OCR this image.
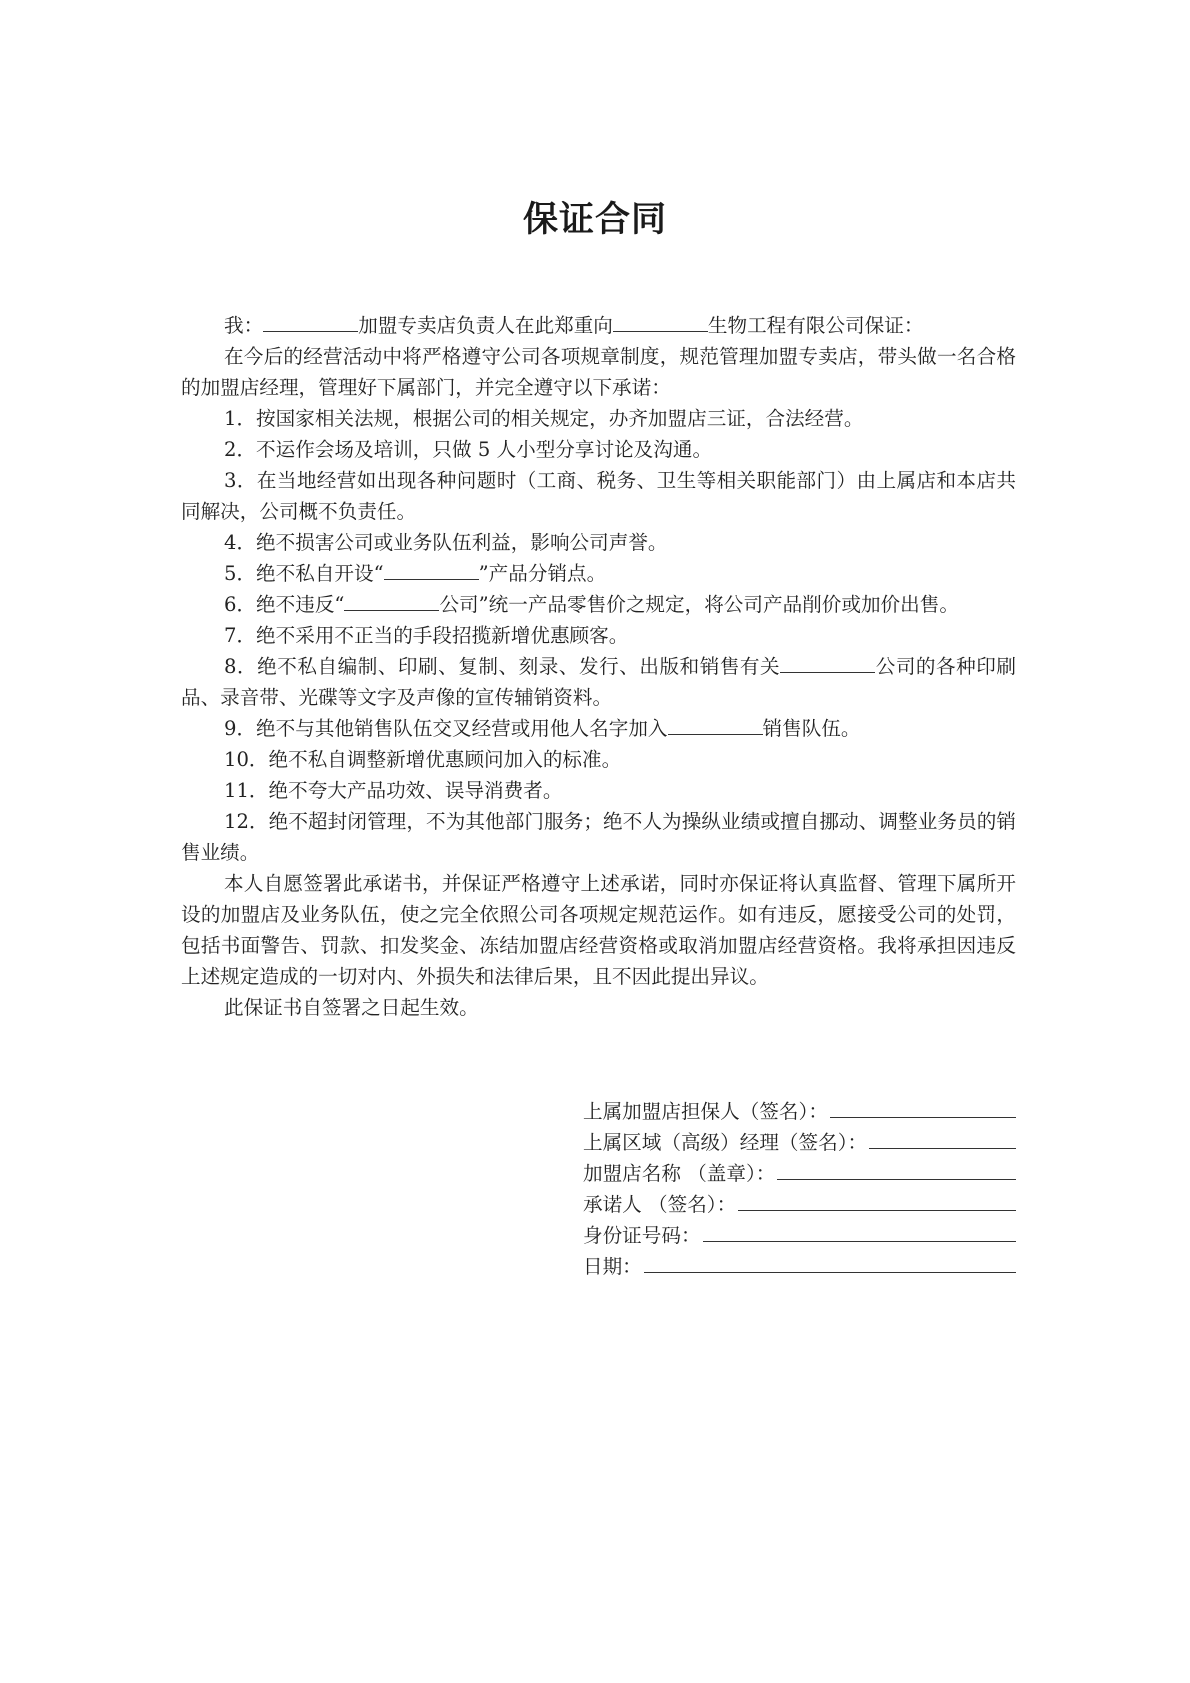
保证合同

我：	加盟专卖店负责人在此郑重向	生物工程有限公司保证：

在今后的经营活动中将严格遵守公司各项规章制度，规范管理加盟专卖店，带头做一名合格的加盟店经理，管理好下属部门，并完全遵守以下承诺：

1．按国家相关法规，根据公司的相关规定，办齐加盟店三证，合法经营。

2．不运作会场及培训，只做 5 人小型分享讨论及沟通。

3．在当地经营如出现各种问题时（工商、税务、卫生等相关职能部门）由上属店和本店共同解决，公司概不负责任。

4．绝不损害公司或业务队伍利益，影响公司声誉。

5．绝不私自开设“	”产品分销点。

6．绝不违反“	公司”统一产品零售价之规定，将公司产品削价或加价出售。

7．绝不采用不正当的手段招揽新增优惠顾客。

8．绝不私自编制、印刷、复制、刻录、发行、出版和销售有关	公司的各种印刷品、录音带、光碟等文字及声像的宣传辅销资料。

9．绝不与其他销售队伍交叉经营或用他人名字加入	销售队伍。

10．绝不私自调整新增优惠顾问加入的标准。

11．绝不夸大产品功效、误导消费者。

12．绝不超封闭管理，不为其他部门服务；绝不人为操纵业绩或擅自挪动、调整业务员的销售业绩。

本人自愿签署此承诺书，并保证严格遵守上述承诺，同时亦保证将认真监督、管理下属所开设的加盟店及业务队伍，使之完全依照公司各项规定规范运作。如有违反，愿接受公司的处罚，包括书面警告、罚款、扣发奖金、冻结加盟店经营资格或取消加盟店经营资格。我将承担因违反上述规定造成的一切对内、外损失和法律后果，且不因此提出异议。

此保证书自签署之日起生效。

上属加盟店担保人（签名）：
上属区域（高级）经理（签名）：
加盟店名称 （盖章）：
承诺人 （签名）：
身份证号码：
日期：
